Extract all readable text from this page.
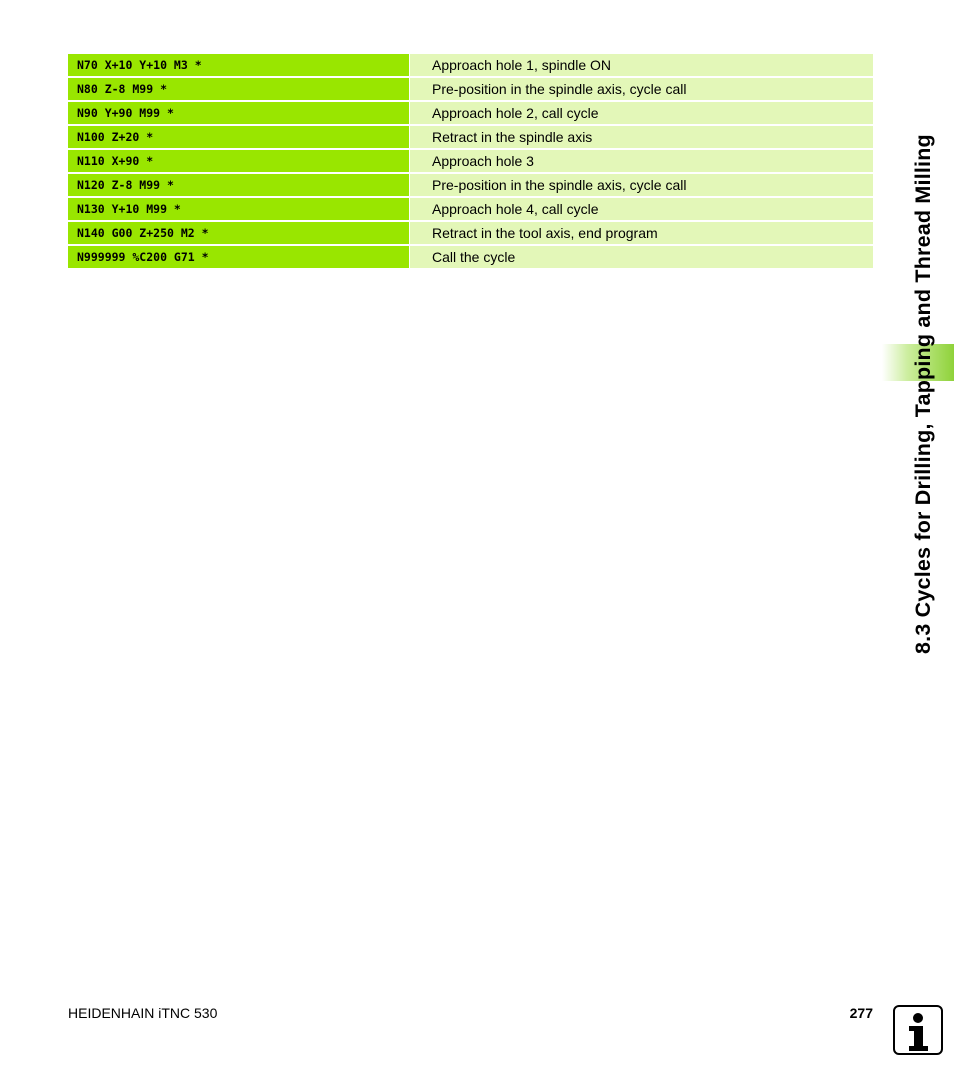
N70 X+10 Y+10 M3 *	Approach hole 1, spindle ON
N80 Z-8 M99 *	Pre-position in the spindle axis, cycle call
N90 Y+90 M99 *	Approach hole 2, call cycle
N100 Z+20 *	Retract in the spindle axis
N110 X+90 *	Approach hole 3
N120 Z-8 M99 *	Pre-position in the spindle axis, cycle call
N130 Y+10 M99 *	Approach hole 4, call cycle
N140 G00 Z+250 M2 *	Retract in the tool axis, end program
N999999 %C200 G71 *	Call the cycle	8.3 Cycles for Drilling, Tapping and Thread Milling
HEIDENHAIN iTNC 530	277
